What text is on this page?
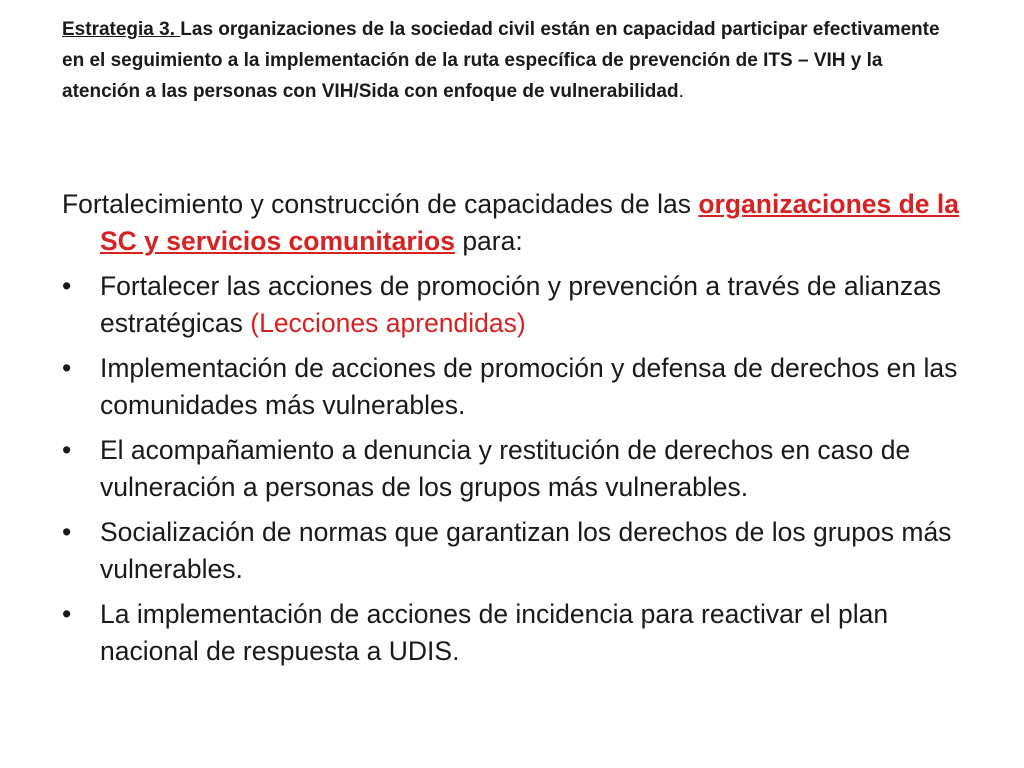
Estrategia 3. Las organizaciones de la sociedad civil están en capacidad participar efectivamente en el seguimiento a la implementación de la ruta específica de prevención de ITS – VIH y la atención a las personas con VIH/Sida con enfoque de vulnerabilidad.

Fortalecimiento y construcción de capacidades de las organizaciones de la SC y servicios comunitarios para:

•	Fortalecer las acciones de promoción y prevención a través de alianzas estratégicas (Lecciones aprendidas)
•	Implementación de acciones de promoción y defensa de derechos en las comunidades más vulnerables.
•	El acompañamiento a denuncia y restitución de derechos en caso de vulneración a personas de los grupos más vulnerables.
•	Socialización de normas que garantizan los derechos de los grupos más vulnerables.
•	La implementación de acciones de incidencia para reactivar el plan nacional de respuesta a UDIS.
